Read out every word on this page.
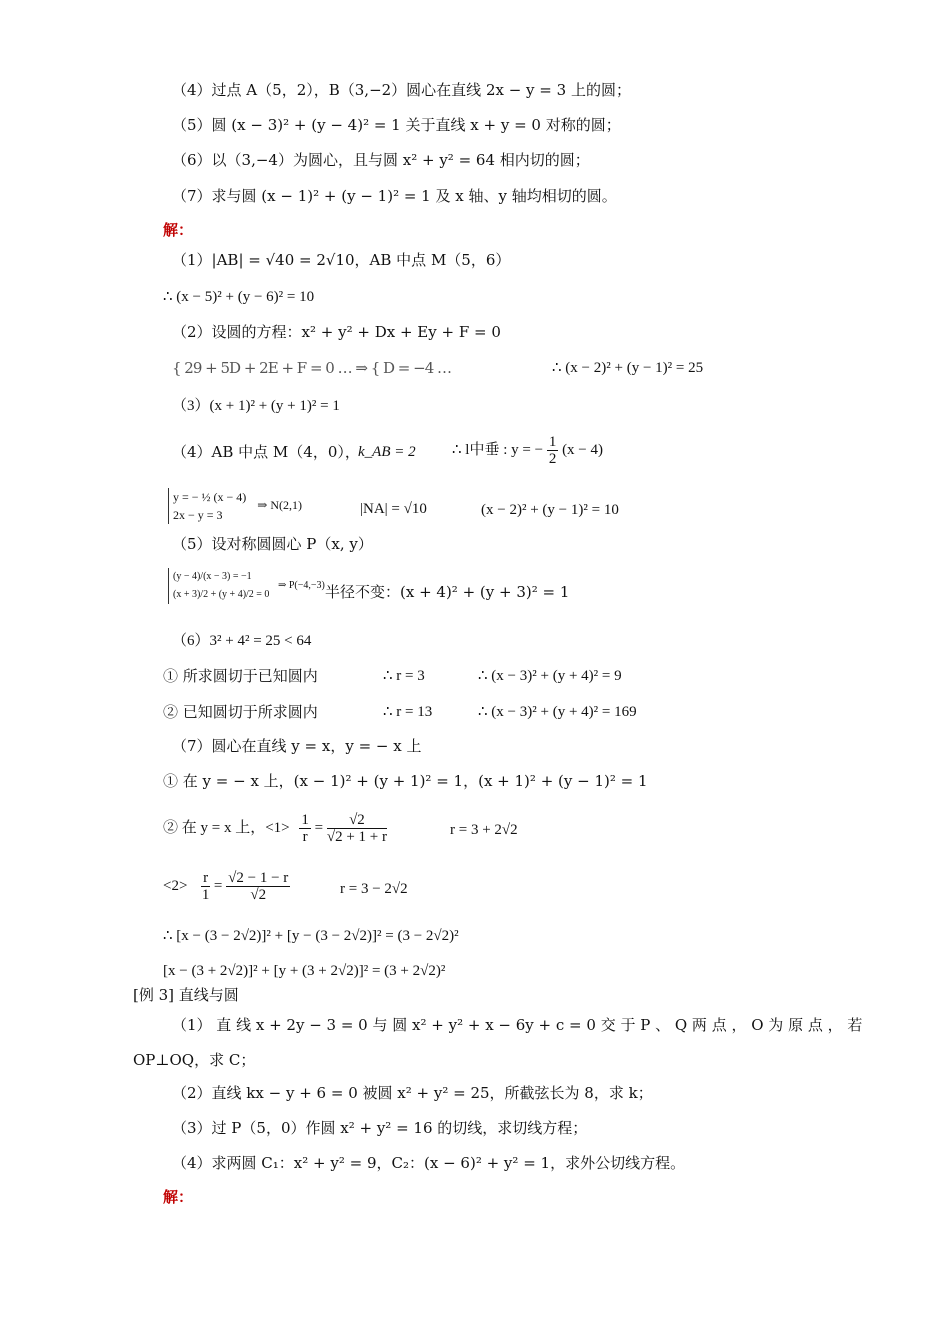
（4）过点 A（5，2），B（3,−2）圆心在直线 2x − y = 3 上的圆；
（5）圆 (x − 3)² + (y − 4)² = 1 关于直线 x + y = 0 对称的圆；
（6）以（3,−4）为圆心，且与圆 x² + y² = 64 相内切的圆；
（7）求与圆 (x − 1)² + (y − 1)² = 1 及 x 轴、y 轴均相切的圆。
解：
（1）|AB| = √40 = 2√10，AB 中点 M（5，6）
∴ (x − 5)² + (y − 6)² = 10
（2）设圆的方程：x² + y² + Dx + Ey + F = 0
{ 29 + 5D + 2E + F = 0 … ⇒ { D = −4 …	∴ (x − 2)² + (y − 1)² = 25
（3）(x + 1)² + (y + 1)² = 1
（4）AB 中点 M（4，0），
k_AB = 2 ∴ l中垂 : y = − $\frac{1}{2} (x - 4)$
y = − ½ (x − 4)
2x − y = 3
⇒ N(2,1)	|NA| = √10	(x − 2)² + (y − 1)² = 10
（5）设对称圆圆心 P（x, y）
(y − 4)/(x − 3) = −1
(x + 3)/2 + (y + 4)/2 = 0
⇒ P(−4,−3) 半径不变：(x + 4)² + (y + 3)² = 1
（6）3² + 4² = 25 < 64
① 所求圆切于已知圆内	∴ r = 3	∴ (x − 3)² + (y + 4)² = 9
② 已知圆切于所求圆内	∴ r = 13	∴ (x − 3)² + (y + 4)² = 169
（7）圆心在直线 y = x，y = − x 上
① 在 y = − x 上，(x − 1)² + (y + 1)² = 1，(x + 1)² + (y − 1)² = 1
② 在 y = x 上，$<1> \frac{1}{r} = \frac{√2}{√2 + 1 + r}$	r = 3 + 2√2
$<2> \frac{r}{1} = \frac{√2 - 1 - r}{√2}$	r = 3 − 2√2
∴ [x − (3 − 2√2)]² + [y − (3 − 2√2)]² = (3 − 2√2)²
[x − (3 + 2√2)]² + [y + (3 + 2√2)]² = (3 + 2√2)²
[例 3] 直线与圆
（1） 直 线 x + 2y − 3 = 0 与 圆 x² + y² + x − 6y + c = 0 交 于 P 、 Q 两 点 ， O 为 原 点 ， 若
OP⊥OQ，求 C；
（2）直线 kx − y + 6 = 0 被圆 x² + y² = 25，所截弦长为 8，求 k；
（3）过 P（5，0）作圆 x² + y² = 16 的切线，求切线方程；
（4）求两圆 C₁：x² + y² = 9，C₂：(x − 6)² + y² = 1，求外公切线方程。
解：
